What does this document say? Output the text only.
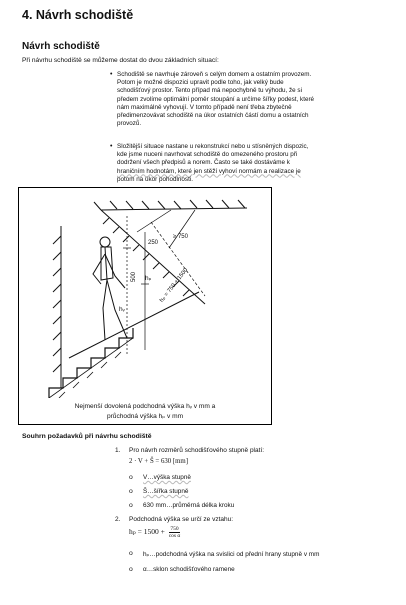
4. Návrh schodiště
Návrh schodiště
Při návrhu schodiště se můžeme dostat do dvou základních situací:
• Schodiště se navrhuje zároveň s celým domem a ostatním provozem.
Potom je možné dispozici upravit podle toho, jak velký bude
schodišťový prostor. Tento případ má nepochybně tu výhodu, že si
předem zvolíme optimální poměr stoupání a určíme šířky podest, které
nám maximálně vyhovují. V tomto případě není třeba zbytečně
předimenzovávat schodiště na úkor ostatních částí domu a ostatních
provozů.
• Složitější situace nastane u rekonstrukcí nebo u stísněných dispozic,
kde jsme nuceni navrhovat schodiště do omezeného prostoru při
dodržení všech předpisů a norem. Často se také dostáváme k
hraničním hodnotám, které jen stěží vyhoví normám a realizace je
potom na úkor pohodlnosti.
250
≥ 750
500 hₚ hₚ = 750 + 1500
hᵥ
Nejmenší dovolená podchodná výška hᵥ v mm a
průchodná výška hₚ v mm
Souhrn požadavků při návrhu schodiště
1. Pro návrh rozměrů schodišťového stupně platí:
2 · V + Š = 630 [mm]
o V…výška stupně
o Š…šířka stupně
o 630 mm…průměrná délka kroku
2. Podchodná výška se určí ze vztahu:
$h_p = 1500 + \frac{750}{\text{cos α}}$
o hₚ…podchodná výška na svislici od přední hrany stupně v mm
o α…sklon schodišťového ramene
